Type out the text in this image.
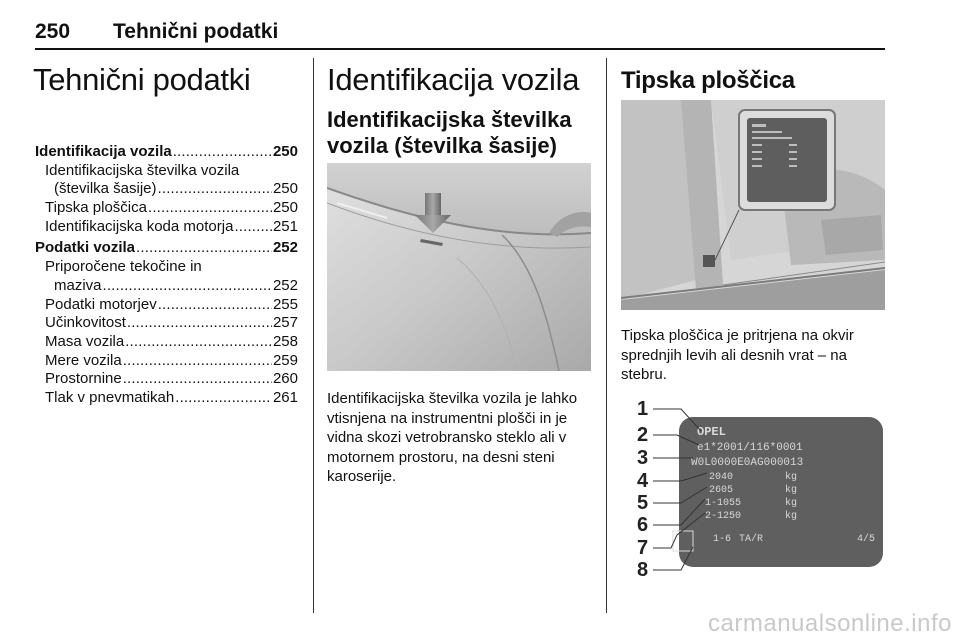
250 Tehnični podatki
Tehnični podatki
Identifikacija vozila . . .	250
Identifikacijska številka vozila
(številka šasije) . . .	250
Tipska ploščica . . .	250
Identifikacijska koda motorja . . .	251
Podatki vozila . . .	252
Priporočene tekočine in
maziva . . .	252
Podatki motorjev . . .	255
Učinkovitost . . .	257
Masa vozila . . .	258
Mere vozila . . .	259
Prostornine . . .	260
Tlak v pnevmatikah . . .	261
Identifikacija vozila
Identifikacijska številka
vozila (številka šasije)
Identifikacijska številka vozila je lahko
vtisnjena na instrumentni plošči in je
vidna skozi vetrobransko steklo ali v
motornem prostoru, na desni steni
karoserije.
Tipska ploščica
Tipska ploščica je pritrjena na okvir
sprednjih levih ali desnih vrat – na
stebru.
OPEL
e1*2001/116*0001
W0L0000E0AG000013
2040	kg
2605	kg
1-1055	kg
2-1250	kg
1-6 TA/R	4/5
1
2
3
4
5
6
7
8
carmanualsonline.info
